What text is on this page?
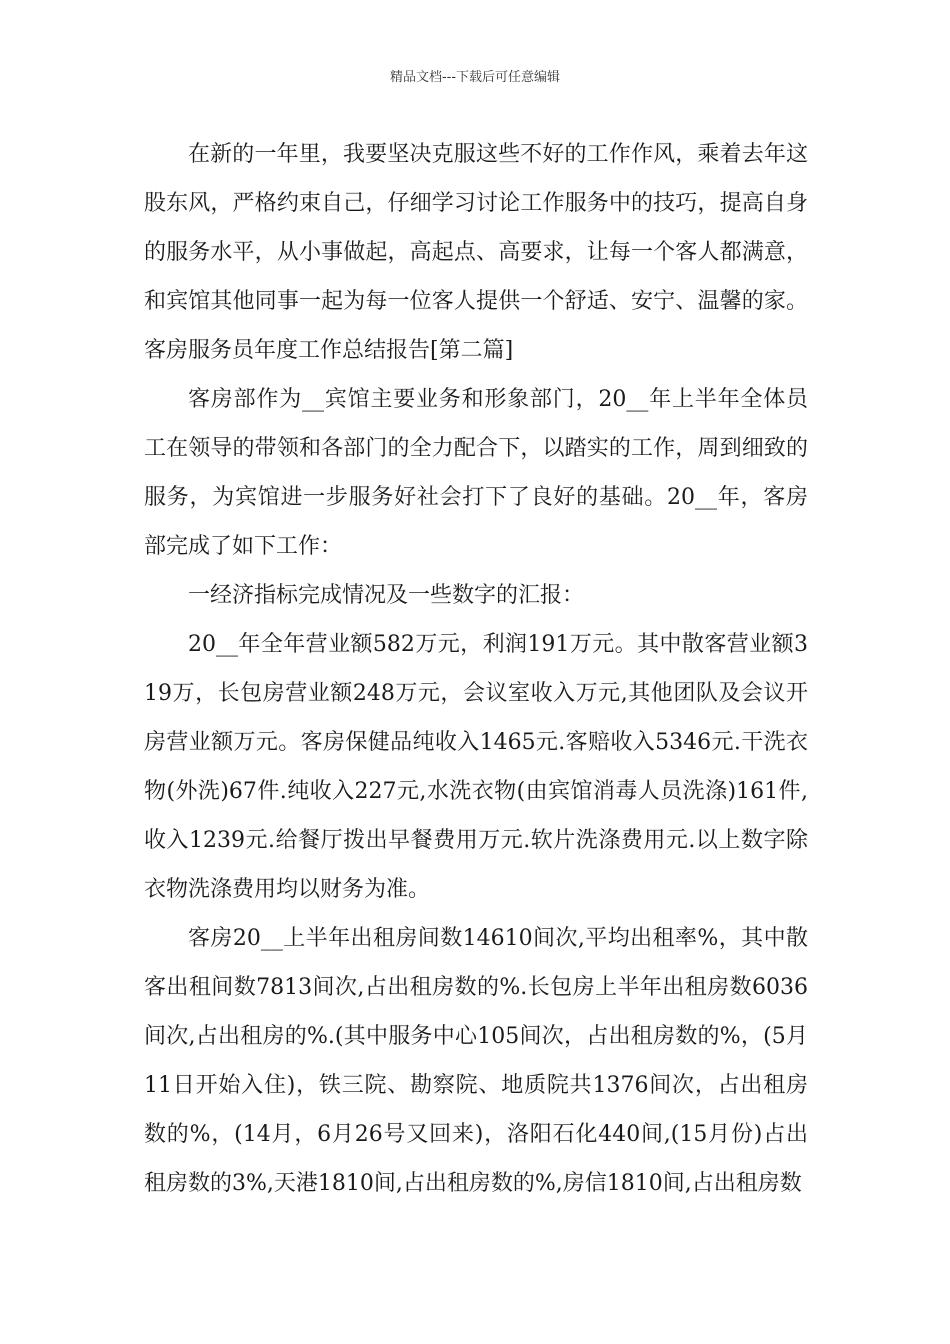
精品文档---下载后可任意编辑

在新的一年里，我要坚决克服这些不好的工作作风，乘着去年这股东风，严格约束自己，仔细学习讨论工作服务中的技巧，提高自身的服务水平，从小事做起，高起点、高要求，让每一个客人都满意，和宾馆其他同事一起为每一位客人提供一个舒适、安宁、温馨的家。客房服务员年度工作总结报告[第二篇]

客房部作为__宾馆主要业务和形象部门，20__年上半年全体员工在领导的带领和各部门的全力配合下，以踏实的工作，周到细致的服务，为宾馆进一步服务好社会打下了良好的基础。20__年，客房部完成了如下工作：

一经济指标完成情况及一些数字的汇报：

20__年全年营业额582万元，利润191万元。其中散客营业额319万，长包房营业额248万元，会议室收入万元,其他团队及会议开房营业额万元。客房保健品纯收入1465元.客赔收入5346元.干洗衣物(外洗)67件.纯收入227元,水洗衣物(由宾馆消毒人员洗涤)161件,收入1239元.给餐厅拨出早餐费用万元.软片洗涤费用元.以上数字除衣物洗涤费用均以财务为准。

客房20__上半年出租房间数14610间次,平均出租率%，其中散客出租间数7813间次,占出租房数的%.长包房上半年出租房数6036间次,占出租房的%.(其中服务中心105间次，占出租房数的%，(5月11日开始入住)，铁三院、勘察院、地质院共1376间次，占出租房数的%，(14月，6月26号又回来)，洛阳石化440间,(15月份)占出租房数的3%,天港1810间,占出租房数的%,房信1810间,占出租房数
